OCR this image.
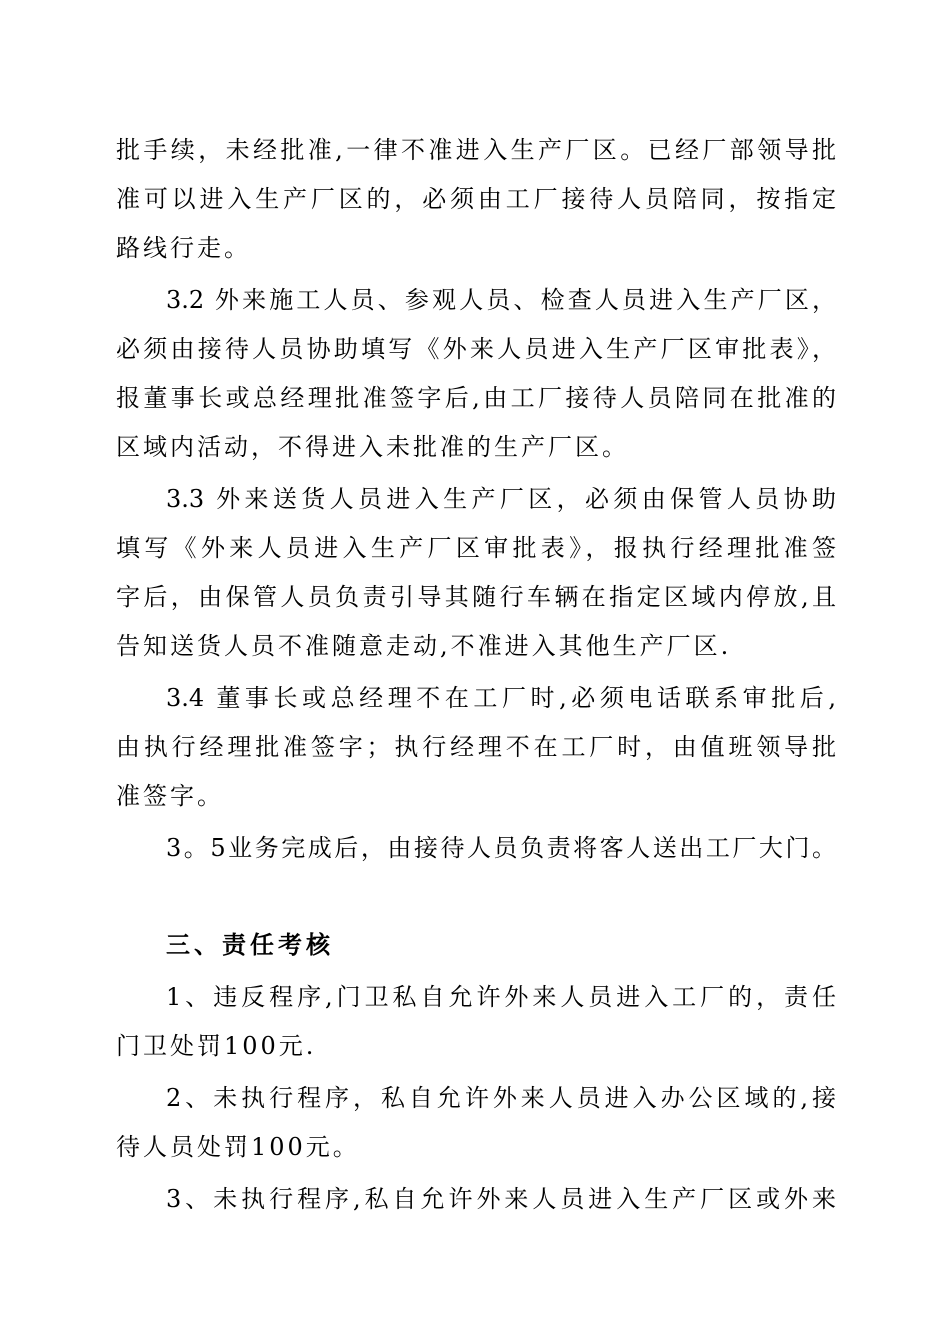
批手续，未经批准,一律不准进入生产厂区。已经厂部领导批
准可以进入生产厂区的，必须由工厂接待人员陪同，按指定
路线行走。
3.2 外来施工人员、参观人员、检查人员进入生产厂区，
必须由接待人员协助填写《外来人员进入生产厂区审批表》，
报董事长或总经理批准签字后,由工厂接待人员陪同在批准的
区域内活动，不得进入未批准的生产厂区。
3.3 外来送货人员进入生产厂区，必须由保管人员协助
填写《外来人员进入生产厂区审批表》，报执行经理批准签
字后，由保管人员负责引导其随行车辆在指定区域内停放,且
告知送货人员不准随意走动,不准进入其他生产厂区.
3.4 董事长或总经理不在工厂时,必须电话联系审批后,
由执行经理批准签字；执行经理不在工厂时，由值班领导批
准签字。
3。5业务完成后，由接待人员负责将客人送出工厂大门。
三、责任考核
1、违反程序,门卫私自允许外来人员进入工厂的，责任
门卫处罚100元.
2、未执行程序，私自允许外来人员进入办公区域的,接
待人员处罚100元。
3、未执行程序,私自允许外来人员进入生产厂区或外来
